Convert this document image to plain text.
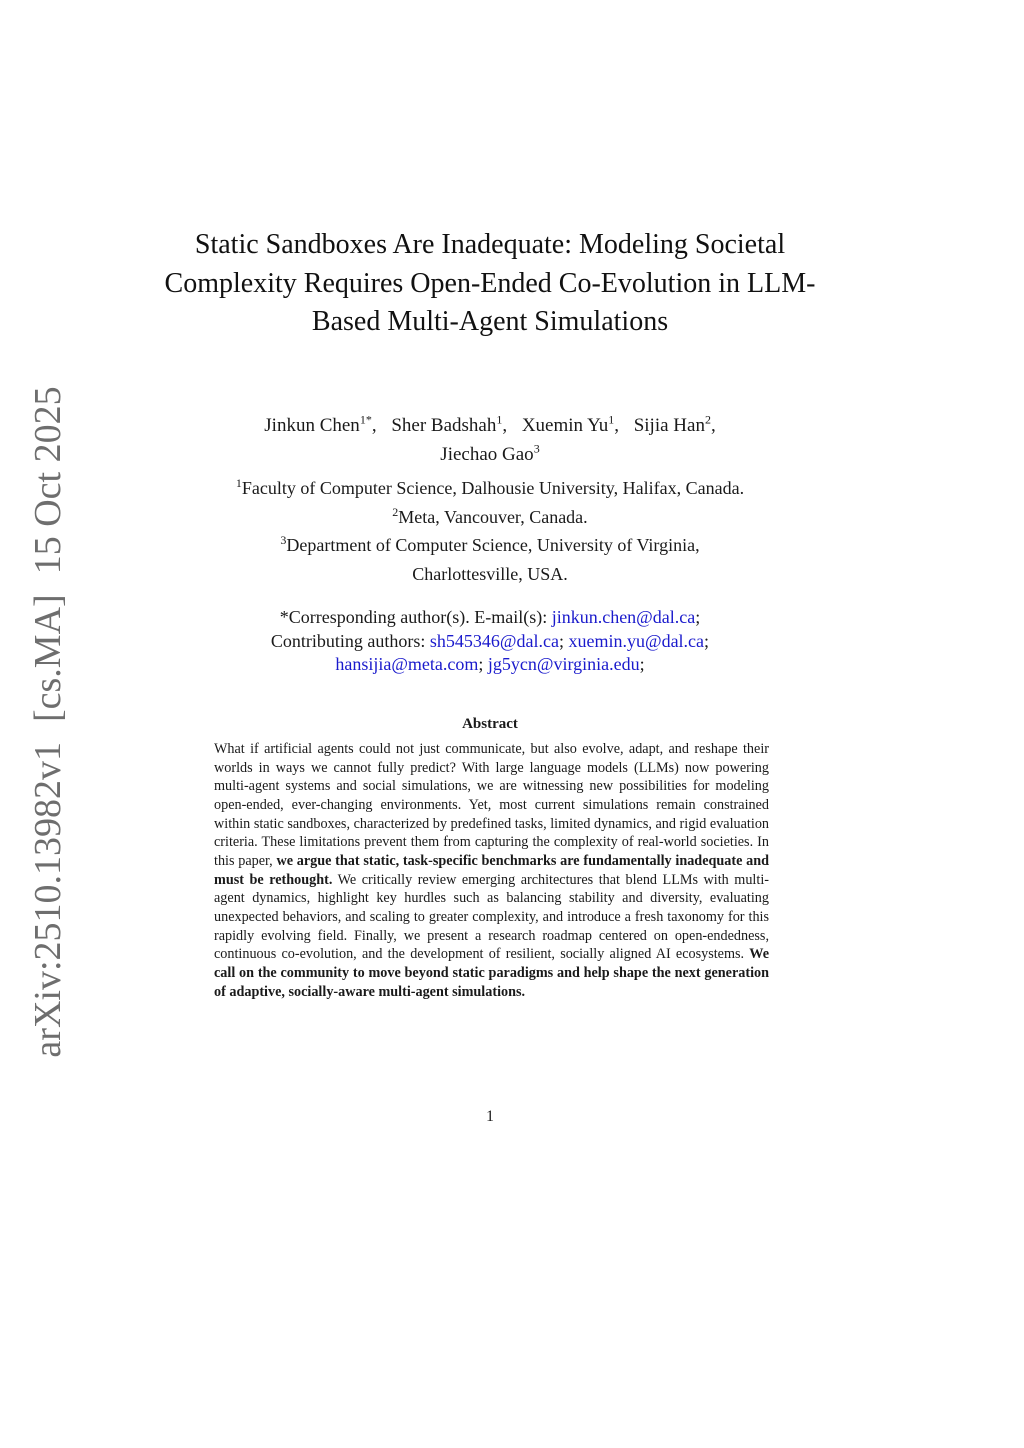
arXiv:2510.13982v1
[cs.MA]
15 Oct 2025
Static Sandboxes Are Inadequate: Modeling Societal Complexity Requires Open-Ended Co-Evolution in LLM-Based Multi-Agent Simulations
Jinkun Chen$^{1*}$, Sher Badshah$^1$, Xuemin Yu$^1$, Sijia Han$^2$,
Jiechao Gao$^3$
$^1$Faculty of Computer Science, Dalhousie University, Halifax, Canada.
$^2$Meta, Vancouver, Canada.
$^3$Department of Computer Science, University of Virginia,
Charlottesville, USA.
*Corresponding author(s). E-mail(s): jinkun.chen@dal.ca;
Contributing authors: sh545346@dal.ca; xuemin.yu@dal.ca;
hansijia@meta.com; jg5ycn@virginia.edu;
Abstract

What if artificial agents could not just communicate, but also evolve, adapt, and reshape their worlds in ways we cannot fully predict? With large language models (LLMs) now powering multi-agent systems and social simulations, we are witnessing new possibilities for modeling open-ended, ever-changing environments. Yet, most current simulations remain constrained within static sandboxes, characterized by predefined tasks, limited dynamics, and rigid evaluation criteria. These limitations prevent them from capturing the complexity of real-world societies. In this paper, we argue that static, task-specific benchmarks are fundamentally inadequate and must be rethought. We critically review emerging architectures that blend LLMs with multi-agent dynamics, highlight key hurdles such as balancing stability and diversity, evaluating unexpected behaviors, and scaling to greater complexity, and introduce a fresh taxonomy for this rapidly evolving field. Finally, we present a research roadmap centered on open-endedness, continuous co-evolution, and the development of resilient, socially aligned AI ecosystems. We call on the community to move beyond static paradigms and help shape the next generation of adaptive, socially-aware multi-agent simulations.

1
